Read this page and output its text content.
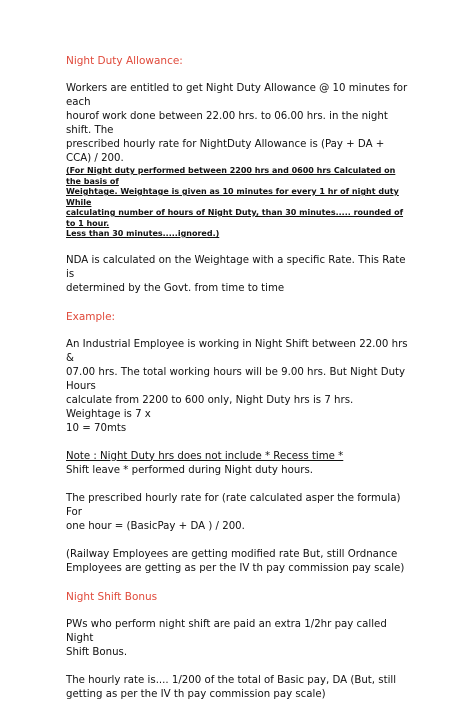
Night Duty Allowance:

Workers are entitled to get Night Duty Allowance @ 10 minutes for each

hourof work done between 22.00 hrs. to 06.00 hrs. in the night shift. The

prescribed hourly rate for NightDuty Allowance is (Pay + DA + CCA) / 200.

(For Night duty performed between 2200 hrs and 0600 hrs Calculated on the basis of

Weightage. Weightage is given as 10 minutes for every 1 hr of night duty While

calculating number of hours of Night Duty, than 30 minutes..... rounded of to 1 hour.

Less than 30 minutes.....ignored.)

NDA is calculated on the Weightage with a specific Rate. This Rate is

determined by the Govt. from time to time

Example:

An Industrial Employee is working in Night Shift between 22.00 hrs &

07.00 hrs. The total working hours will be 9.00 hrs. But Night Duty Hours

calculate from 2200 to 600 only, Night Duty hrs is 7 hrs. Weightage is 7 x

10 = 70mts

Note : Night Duty hrs does not include * Recess time *

Shift leave * performed during Night duty hours.

The prescribed hourly rate for (rate calculated asper the formula) For

one hour = (BasicPay + DA ) / 200.

(Railway Employees are getting modified rate But, still Ordnance

Employees are getting as per the IV th pay commission pay scale)

Night Shift Bonus

PWs who perform night shift are paid an extra 1/2hr pay called Night

Shift Bonus.

The hourly rate is.... 1/200 of the total of Basic pay, DA (But, still

getting as per the IV th pay commission pay scale)
